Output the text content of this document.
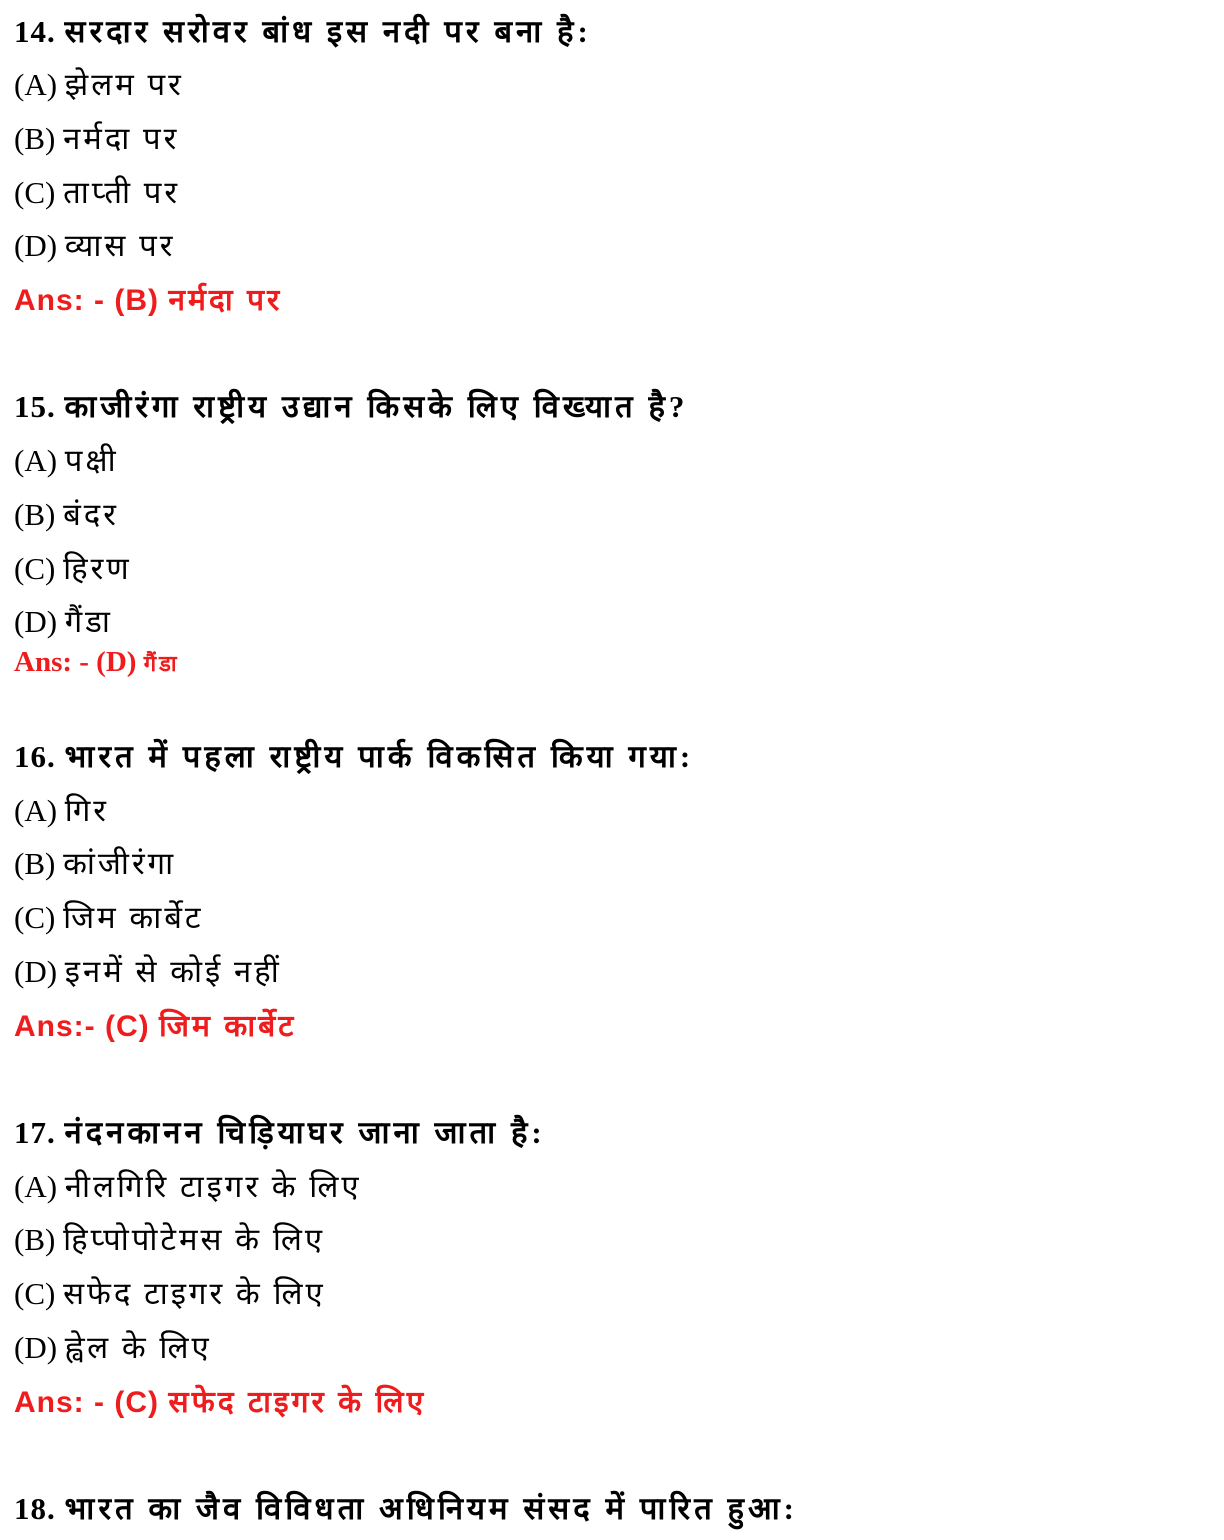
14. सरदार सरोवर बांध इस नदी पर बना है:
(A) झेलम पर
(B) नर्मदा पर
(C) ताप्ती पर
(D) व्यास पर
Ans: - (B) नर्मदा पर
15. काजीरंगा राष्ट्रीय उद्यान किसके लिए विख्यात है?
(A) पक्षी
(B) बंदर
(C) हिरण
(D) गैंडा
Ans: - (D) गैंडा
16. भारत में पहला राष्ट्रीय पार्क विकसित किया गया:
(A) गिर
(B) कांजीरंगा
(C) जिम कार्बेट
(D) इनमें से कोई नहीं
Ans:- (C) जिम कार्बेट
17. नंदनकानन चिड़ियाघर जाना जाता है:
(A) नीलगिरि टाइगर के लिए
(B) हिप्पोपोटेमस के लिए
(C) सफेद टाइगर के लिए
(D) ह्वेल के लिए
Ans: - (C) सफेद टाइगर के लिए
18. भारत का जैव विविधता अधिनियम संसद में पारित हुआ:
